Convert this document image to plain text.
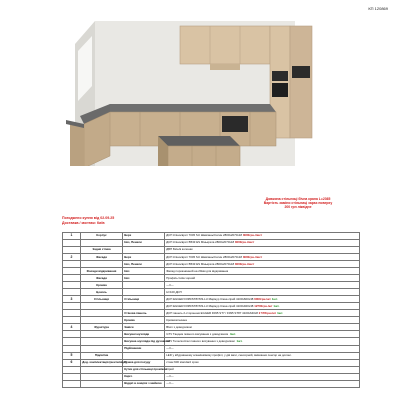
КП 120869
Довжина стільниці бічна крана L=2365
Вартість заміни стільниці зараз поверху
200 грн ліквідне
Погоджено купня від 02.09.25
Доставка / монтаж: Київ
1	Корпус	Верх	ДСП Кліносврит 7045 SU Шампань/Сатин 2800х2070х18 3000грн./лист
		Низ, Пенали	ДСП Кліносврит B533 ES Мінькрата 2800х2070х18 3000грн./лист
	Задня стінка		ДВП Біле/в колонах
2	Фасади	Верх	ДСП Кліносврит 7045 SU Шампань/Сатин 2800х2070х18 3000грн./лист
		Низ, Пенали	ДСП Кліносврит B533 ES Мінькрата 2800х2070х18 3000грн./лист
	Фасади відкривання	Низ	Фасад порожнинний на 20мм для відкривання
	Фасади	Низ	Профіль Gola чорний
	Кромка		---//---
	Цоколь		Н=100,ДСП
3	Стільниця	Стільниця	ДСП EGGER F095/ST87/R3-LU Мармур Сієна сірий 4100х600х38 6000грн./шт1шт.
			ДСП EGGER F095/ST87/R3-LU Мармур Сієна сірий 4100х920х38 12700грн./шт1шт.
		Стінова панель	ДСП панель 2-сторонння EGGER F095 ST7 / F095 ST87 4100х640х8 2 578грн./шт1шт.
		Кромка	Кромкоклеєнна
4	Фурнітура	Завіси	Blum з доводчиком
		Висувні шухляди	GTV Тандем повного висування з доводчиком 4шт.
		Висувна шухляда під духовкою	GTV Телескопічні повного висування з доводчиком 1шт.
		Підйомники	---//---
5	Підсвітка		LED у вбудованому алюмінієвому профілі, у дві ваги, сенсорний, вмикання сенсор на долоні.
6	Дод. комплектація (вентиляції)	Сушка для посуду	стояк 600 standard хром
		Кутки для стільниці проміжок	Сірий
		Карго	---//---
		Відділ в секціях з мийкою	---//---
